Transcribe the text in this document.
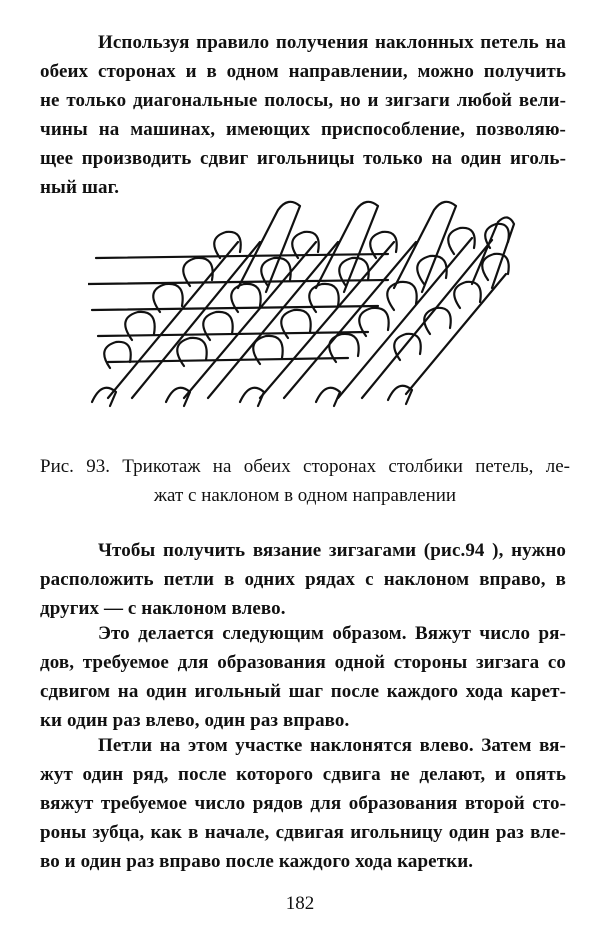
Используя правило получения наклонных петель на
обеих сторонах и в одном направлении, можно получить
не только диагональные полосы, но и зигзаги любой вели-
чины на машинах, имеющих приспособление, позволяю-
щее производить сдвиг игольницы только на один иголь-
ный шаг.

Рис. 93. Трикотаж на обеих сторонах столбики петель, ле-
жат с наклоном в одном направлении

Чтобы получить вязание зигзагами (рис.94 ), нужно
расположить петли в одних рядах с наклоном вправо, в
других — с наклоном влево.

Это делается следующим образом. Вяжут число ря-
дов, требуемое для образования одной стороны зигзага со
сдвигом на один игольный шаг после каждого хода карет-
ки один раз влево, один раз вправо.

Петли на этом участке наклонятся влево. Затем вя-
жут один ряд, после которого сдвига не делают, и опять
вяжут требуемое число рядов для образования второй сто-
роны зубца, как в начале, сдвигая игольницу один раз вле-
во и один раз вправо после каждого хода каретки.

182
